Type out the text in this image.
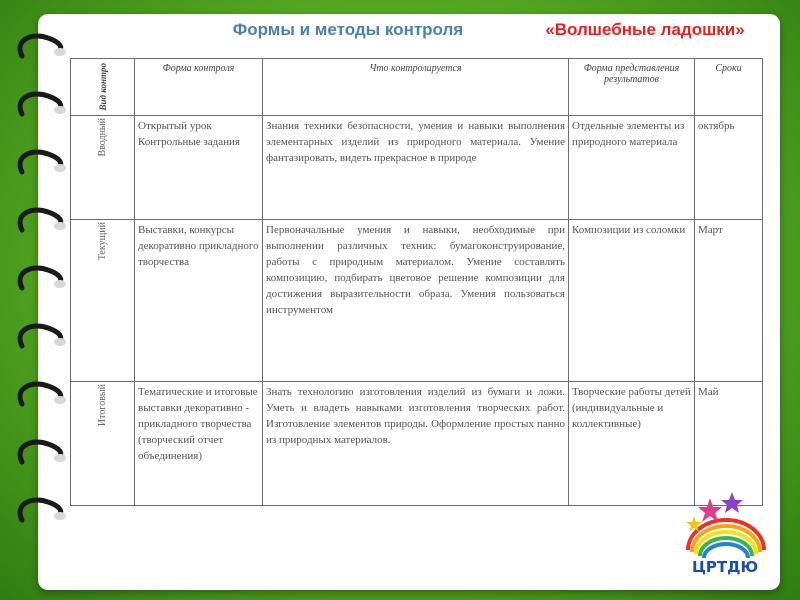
Формы и методы контроля	«Волшебные ладошки»
Вид контро	Форма контроля	Что контролируется	Форма представления результатов	Сроки

Вводный	Открытый урок Контрольные задания	Знания техники безопасности, умения и навыки выполнения элементарных изделий из природного материала. Умение фантазировать, видеть прекрасное в природе	Отдельные элементы из природного материала	октябрь

Текущий	Выставки, конкурсы декоративно прикладного творчества	Первоначальные умения и навыки, необходимые при выполнении различных техник: бумагоконструирование, работы с природным материалом. Умение составлять композицию, подбирать цветовое решение композиции для достижения выразительности образа. Умения пользоваться инструментом	Композиции из соломки	Март

Итоговый	Тематические и итоговые выставки декоративно - прикладного творчества (творческий отчет объединения)	Знать технологию изготовления изделий из бумаги и ложи. Уметь и владеть навыками изготовления творческих работ. Изготовление элементов природы. Оформление простых панно из природных материалов.	Творческие работы детей (индивидуальные и коллективные)	Май
ЦРТДЮ
